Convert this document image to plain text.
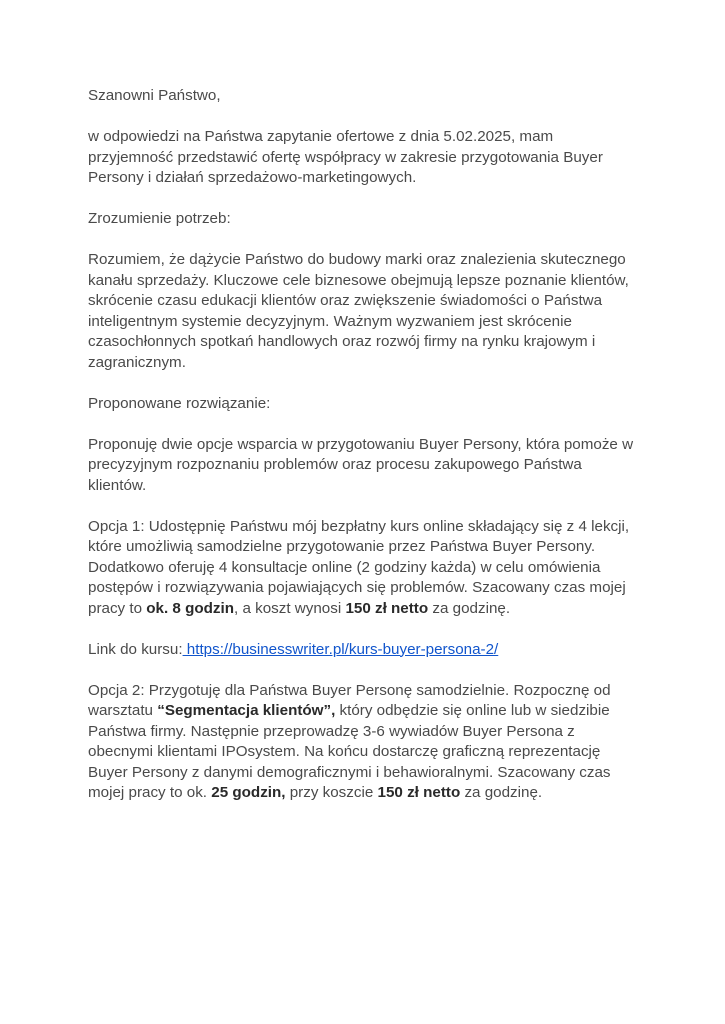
Szanowni Państwo,

w odpowiedzi na Państwa zapytanie ofertowe z dnia 5.02.2025, mam
przyjemność przedstawić ofertę współpracy w zakresie przygotowania Buyer
Persony i działań sprzedażowo-marketingowych.

Zrozumienie potrzeb:

Rozumiem, że dążycie Państwo do budowy marki oraz znalezienia skutecznego
kanału sprzedaży. Kluczowe cele biznesowe obejmują lepsze poznanie klientów,
skrócenie czasu edukacji klientów oraz zwiększenie świadomości o Państwa
inteligentnym systemie decyzyjnym. Ważnym wyzwaniem jest skrócenie
czasochłonnych spotkań handlowych oraz rozwój firmy na rynku krajowym i
zagranicznym.

Proponowane rozwiązanie:

Proponuję dwie opcje wsparcia w przygotowaniu Buyer Persony, która pomoże w
precyzyjnym rozpoznaniu problemów oraz procesu zakupowego Państwa
klientów.

Opcja 1: Udostępnię Państwu mój bezpłatny kurs online składający się z 4 lekcji,
które umożliwią samodzielne przygotowanie przez Państwa Buyer Persony.
Dodatkowo oferuję 4 konsultacje online (2 godziny każda) w celu omówienia
postępów i rozwiązywania pojawiających się problemów. Szacowany czas mojej
pracy to ok. 8 godzin, a koszt wynosi 150 zł netto za godzinę.

Link do kursu: https://businesswriter.pl/kurs-buyer-persona-2/

Opcja 2: Przygotuję dla Państwa Buyer Personę samodzielnie. Rozpocznę od
warsztatu “Segmentacja klientów”, który odbędzie się online lub w siedzibie
Państwa firmy. Następnie przeprowadzę 3-6 wywiadów Buyer Persona z
obecnymi klientami IPOsystem. Na końcu dostarczę graficzną reprezentację
Buyer Persony z danymi demograficznymi i behawioralnymi. Szacowany czas
mojej pracy to ok. 25 godzin, przy koszcie 150 zł netto za godzinę.
